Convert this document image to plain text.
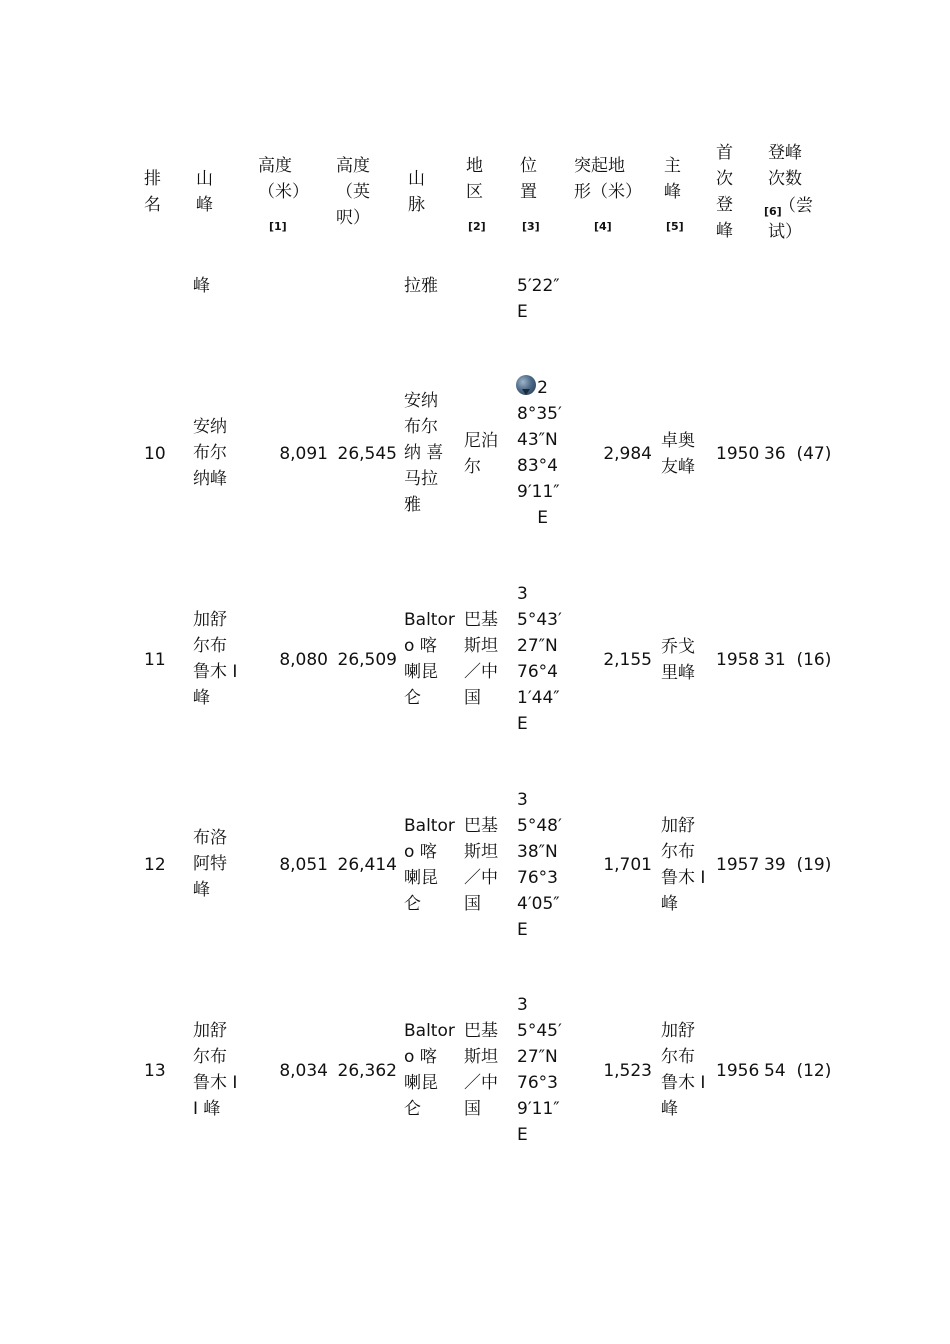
排
名
山
峰
高度
（米）
[1]
高度
（英
呎）
山
脉
地
区
[2]
位
置
[3]
突起地
形（米）
[4]
主
峰
[5]
首
次
登
峰
登峰
次数
[6]
（尝
试）
峰	拉雅	5′22″
E
10
安纳
布尔
纳峰
8,091 26,545
安纳
布尔
纳 喜
马拉
雅
尼泊
尔
2
8°35′
43″N
83°4
9′11″
E
2,984
卓奥
友峰
1950 36  (47)
11
加舒
尔布
鲁木 I
峰
8,080 26,509
Baltor
o 喀
喇昆
仑
巴基
斯坦
／中
国
3
5°43′
27″N
76°4
1′44″
E
2,155
乔戈
里峰
1958 31  (16)
12
布洛
阿特
峰
8,051 26,414
Baltor
o 喀
喇昆
仑
巴基
斯坦
／中
国
3
5°48′
38″N
76°3
4′05″
E
1,701
加舒
尔布
鲁木 I
峰
1957 39  (19)
13
加舒
尔布
鲁木 I
I 峰
8,034 26,362
Baltor
o 喀
喇昆
仑
巴基
斯坦
／中
国
3
5°45′
27″N
76°3
9′11″
E
1,523
加舒
尔布
鲁木 I
峰
1956 54  (12)
